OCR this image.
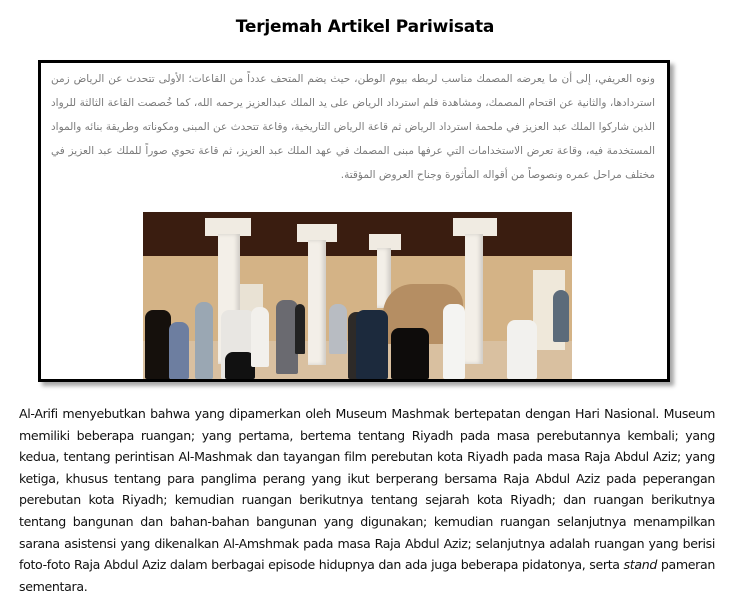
Terjemah Artikel Pariwisata
ونوه العريفي، إلى أن ما يعرضه المصمك مناسب لربطه بيوم الوطن، حيث يضم المتحف عدداً من القاعات؛ الأولى تتحدث عن الرياض زمن استردادها، والثانية عن اقتحام المصمك، ومشاهدة فلم استرداد الرياض على يد الملك عبدالعزيز يرحمه الله، كما خُصصت القاعة الثالثة للرواد الذين شاركوا الملك عبد العزيز في ملحمة استرداد الرياض ثم قاعة الرياض التاريخية، وقاعة تتحدث عن المبنى ومكوناته وطريقة بنائه والمواد المستخدمة فيه، وقاعة تعرض الاستخدامات التي عرفها مبنى المصمك في عهد الملك عبد العزيز، ثم قاعة تحوي صوراً للملك عبد العزيز في مختلف مراحل عمره ونصوصاً من أقواله المأثورة وجناح العروض المؤقتة.
Al-Arifi menyebutkan bahwa yang dipamerkan oleh Museum Mashmak bertepatan dengan Hari Nasional. Museum memiliki beberapa ruangan; yang pertama, bertema tentang Riyadh pada masa perebutannya kembali; yang kedua, tentang perintisan Al-Mashmak dan tayangan film perebutan kota Riyadh pada masa Raja Abdul Aziz; yang ketiga, khusus tentang para panglima perang yang ikut berperang bersama Raja Abdul Aziz pada peperangan perebutan kota Riyadh; kemudian ruangan berikutnya tentang sejarah kota Riyadh; dan ruangan berikutnya tentang bangunan dan bahan-bahan bangunan yang digunakan; kemudian ruangan selanjutnya menampilkan sarana asistensi yang dikenalkan Al-Amshmak pada masa Raja Abdul Aziz; selanjutnya adalah ruangan yang berisi foto-foto Raja Abdul Aziz dalam berbagai episode hidupnya dan ada juga beberapa pidatonya, serta stand pameran sementara.
